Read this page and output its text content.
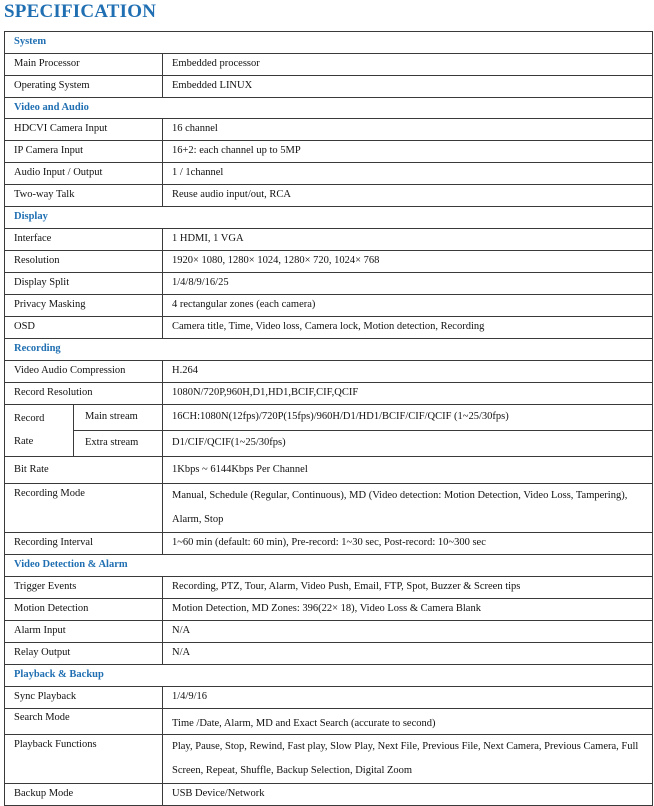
SPECIFICATION
System		
Main Processor		Embedded processor
Operating System		Embedded LINUX
Video and Audio		
HDCVI Camera Input		16 channel
IP Camera Input		16+2: each channel up to 5MP
Audio Input / Output		1 / 1channel
Two-way Talk		Reuse audio input/out, RCA
Display		
Interface		1 HDMI, 1 VGA
Resolution		1920× 1080, 1280× 1024, 1280× 720, 1024× 768
Display Split		1/4/8/9/16/25
Privacy Masking		4 rectangular zones (each camera)
OSD		Camera title, Time, Video loss, Camera lock, Motion detection, Recording
Recording		
Video Audio Compression		H.264
Record Resolution		1080N/720P,960H,D1,HD1,BCIF,CIF,QCIF

Record
Rate	Main stream	16CH:1080N(12fps)/720P(15fps)/960H/D1/HD1/BCIF/CIF/QCIF (1~25/30fps)
	Extra stream	D1/CIF/QCIF(1~25/30fps)
Bit Rate		1Kbps ~ 6144Kbps Per Channel
Recording Mode		Manual, Schedule (Regular, Continuous), MD (Video detection: Motion Detection, Video Loss, Tampering),
Alarm, Stop
Recording Interval		1~60 min (default: 60 min), Pre-record: 1~30 sec, Post-record: 10~300 sec
Video Detection & Alarm		
Trigger Events		Recording, PTZ, Tour, Alarm, Video Push, Email, FTP, Spot, Buzzer & Screen tips
Motion Detection		Motion Detection, MD Zones: 396(22× 18), Video Loss & Camera Blank
Alarm Input		N/A
Relay Output		N/A
Playback & Backup		
Sync Playback		1/4/9/16
Search Mode		Time /Date, Alarm, MD and Exact Search (accurate to second)
Playback Functions		Play, Pause, Stop, Rewind, Fast play, Slow Play, Next File, Previous File, Next Camera, Previous Camera, Full
Screen, Repeat, Shuffle, Backup Selection, Digital Zoom
Backup Mode		USB Device/Network
